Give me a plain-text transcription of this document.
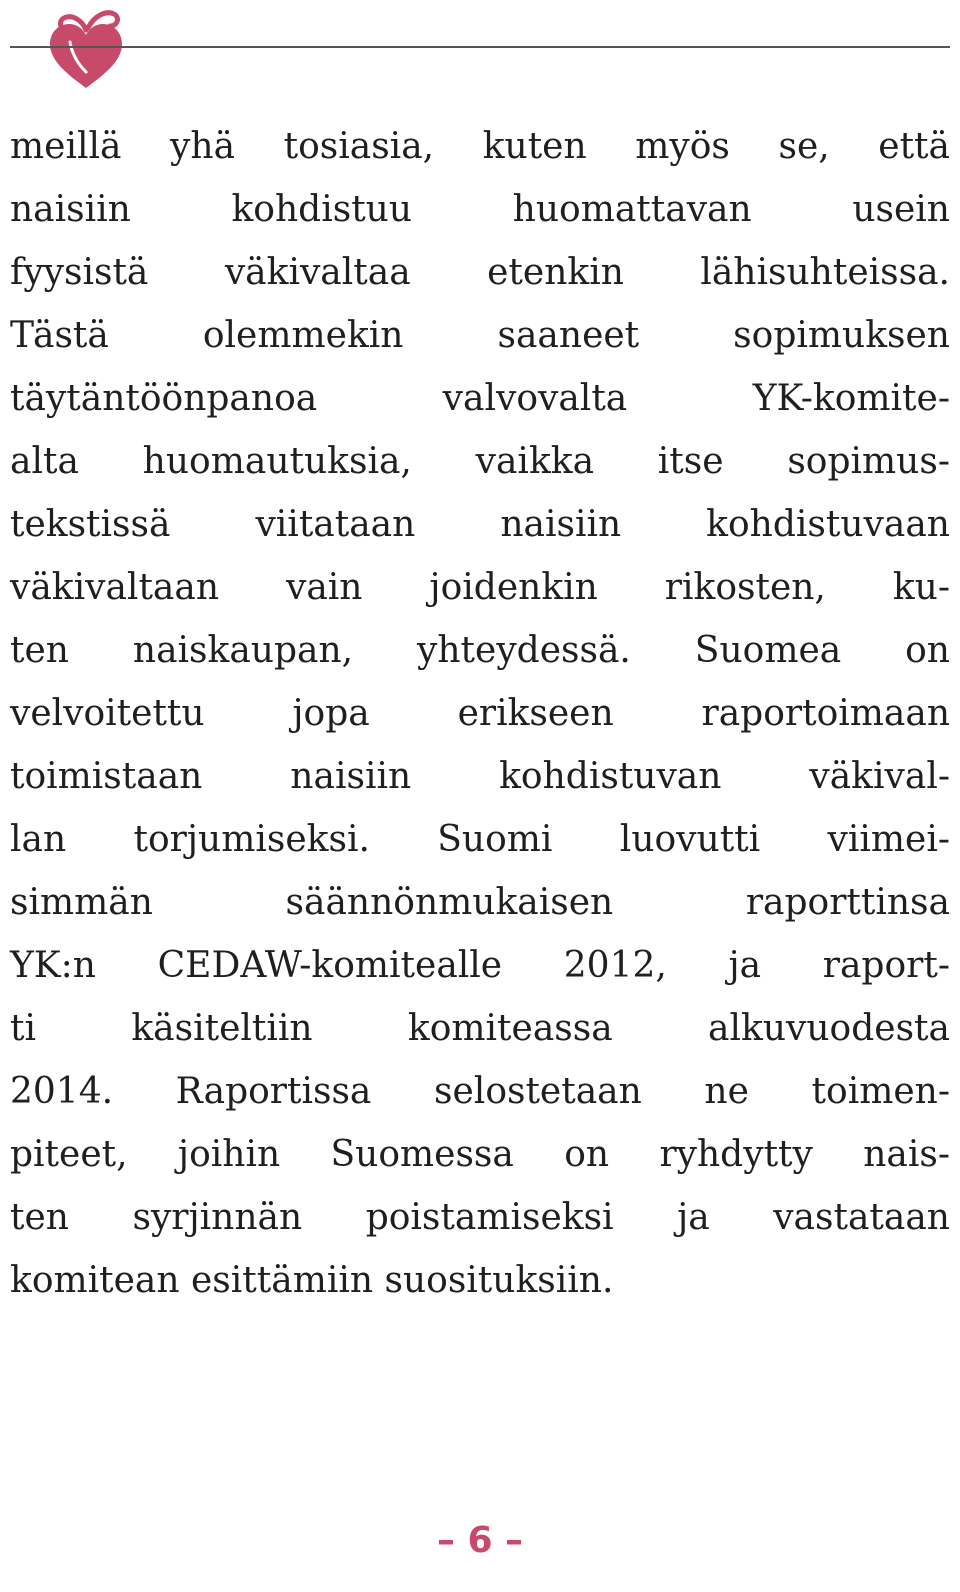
meillä yhä tosiasia, kuten myös se, että
naisiin kohdistuu huomattavan usein
fyysistä väkivaltaa etenkin lähisuhteissa.
Tästä olemmekin saaneet sopimuksen
täytäntöönpanoa valvovalta YK-komite-
alta huomautuksia, vaikka itse sopimus-
tekstissä viitataan naisiin kohdistuvaan
väkivaltaan vain joidenkin rikosten, ku-
ten naiskaupan, yhteydessä. Suomea on
velvoitettu jopa erikseen raportoimaan
toimistaan naisiin kohdistuvan väkival-
lan torjumiseksi. Suomi luovutti viimei-
simmän säännönmukaisen raporttinsa
YK:n CEDAW-komitealle 2012, ja raport-
ti käsiteltiin komiteassa alkuvuodesta
2014. Raportissa selostetaan ne toimen-
piteet, joihin Suomessa on ryhdytty nais-
ten syrjinnän poistamiseksi ja vastataan
komitean esittämiin suosituksiin.
– 6 –
